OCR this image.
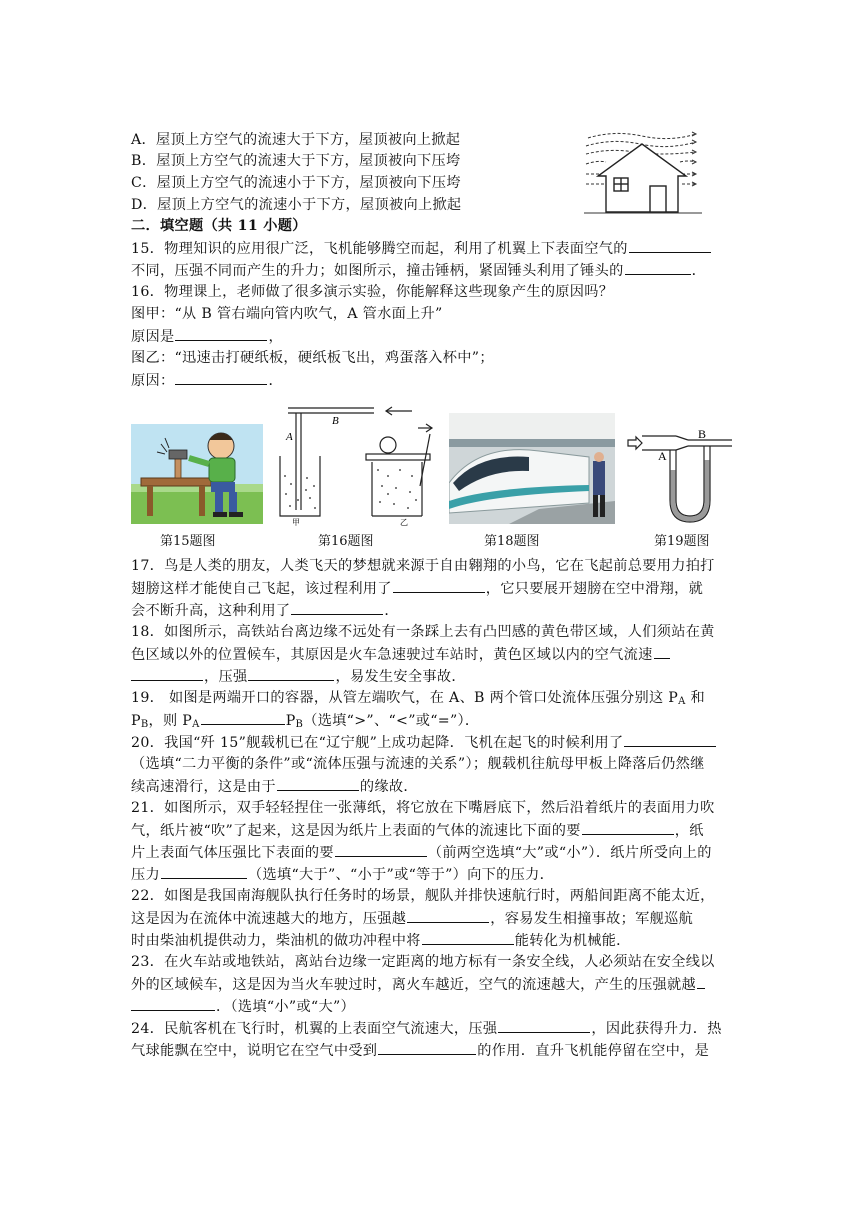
A．屋顶上方空气的流速大于下方，屋顶被向上掀起
B．屋顶上方空气的流速大于下方，屋顶被向下压垮
C．屋顶上方空气的流速小于下方，屋顶被向下压垮
D．屋顶上方空气的流速小于下方，屋顶被向上掀起
二．填空题（共 11 小题）
15．物理知识的应用很广泛，飞机能够腾空而起，利用了机翼上下表面空气的
不同，压强不同而产生的升力；如图所示，撞击锤柄，紧固锤头利用了锤头的	．
16．物理课上，老师做了很多演示实验，你能解释这些现象产生的原因吗？
图甲：“从 B 管右端向管内吹气，A 管水面上升”
原因是	，
图乙：“迅速击打硬纸板，硬纸板飞出，鸡蛋落入杯中”；
原因：	．
A
B
甲	乙
A
B
第15题图	第16题图	第18题图	第19题图
17．鸟是人类的朋友，人类飞天的梦想就来源于自由翱翔的小鸟，它在飞起前总要用力拍打
翅膀这样才能使自己飞起，该过程利用了	，它只要展开翅膀在空中滑翔，就
会不断升高，这种利用了	．
18．如图所示，高铁站台离边缘不远处有一条踩上去有凸凹感的黄色带区域，人们须站在黄
色区域以外的位置候车，其原因是火车急速驶过车站时，黄色区域以内的空气流速
，压强	，易发生安全事故．
19． 如图是两端开口的容器，从管左端吹气，在 A、B 两个管口处流体压强分别这 $P_A$ 和
$P_B$，则 $P_A$	$P_B$（选填“>”、“<”或“=”）．
20．我国“歼 15”舰载机已在“辽宁舰”上成功起降．飞机在起飞的时候利用了
（选填“二力平衡的条件”或“流体压强与流速的关系”）；舰载机往航母甲板上降落后仍然继
续高速滑行，这是由于	的缘故．
21．如图所示，双手轻轻捏住一张薄纸，将它放在下嘴唇底下，然后沿着纸片的表面用力吹
气，纸片被“吹”了起来，这是因为纸片上表面的气体的流速比下面的要	，纸
片上表面气体压强比下表面的要	（前两空选填“大”或“小”）．纸片所受向上的
压力	（选填“大于”、“小于”或“等于”）向下的压力．
22．如图是我国南海舰队执行任务时的场景，舰队并排快速航行时，两船间距离不能太近，
这是因为在流体中流速越大的地方，压强越	，容易发生相撞事故；军舰巡航
时由柴油机提供动力，柴油机的做功冲程中将	能转化为机械能．
23．在火车站或地铁站，离站台边缘一定距离的地方标有一条安全线，人必须站在安全线以
外的区域候车，这是因为当火车驶过时，离火车越近，空气的流速越大，产生的压强就越
．（选填“小”或“大”）
24．民航客机在飞行时，机翼的上表面空气流速大，压强	，因此获得升力．热
气球能飘在空中，说明它在空气中受到	的作用．直升飞机能停留在空中，是
